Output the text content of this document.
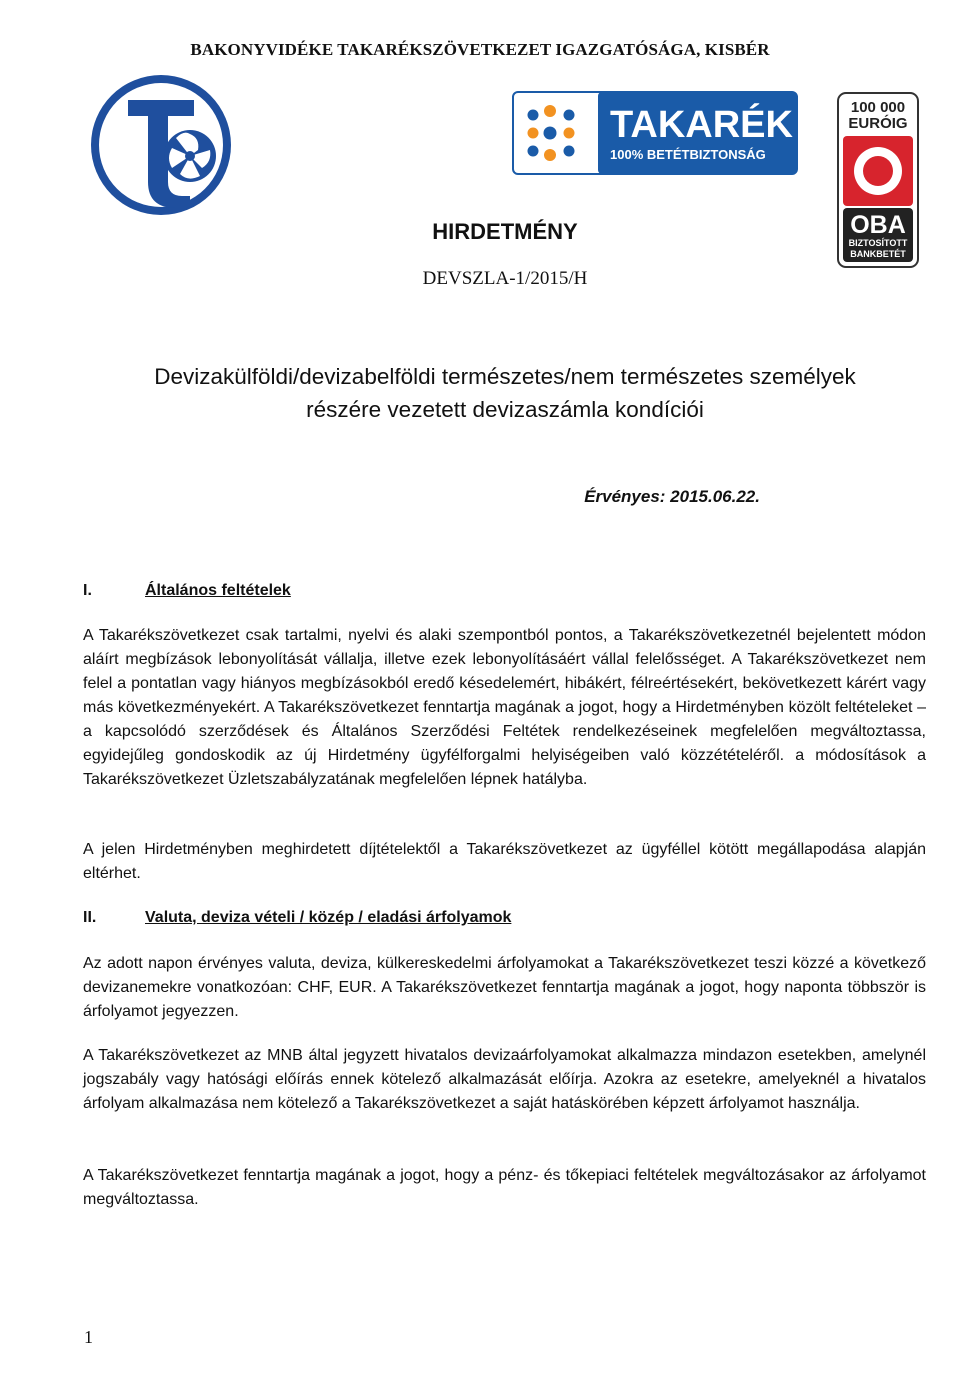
BAKONYVIDÉKE TAKARÉKSZÖVETKEZET IGAZGATÓSÁGA, KISBÉR
TAKARÉK
100% BETÉTBIZTONSÁG
100 000
EURÓIG
OBA
BIZTOSÍTOTT
BANKBETÉT
HIRDETMÉNY
DEVSZLA-1/2015/H
Devizakülföldi/devizabelföldi természetes/nem természetes személyek
részére vezetett devizaszámla kondíciói
Érvényes: 2015.06.22.
I.	Általános feltételek

A Takarékszövetkezet csak tartalmi, nyelvi és alaki szempontból pontos, a Takarékszövetkezetnél bejelentett módon aláírt megbízások lebonyolítását vállalja, illetve ezek lebonyolításáért vállal felelősséget. A Takarékszövetkezet nem felel a pontatlan vagy hiányos megbízásokból eredő késedelemért, hibákért, félreértésekért, bekövetkezett kárért vagy más következményekért. A Takarékszövetkezet fenntartja magának a jogot, hogy a Hirdetményben közölt feltételeket – a kapcsolódó szerződések és Általános Szerződési Feltétek rendelkezéseinek megfelelően megváltoztassa, egyidejűleg gondoskodik az új Hirdetmény ügyfélforgalmi helyiségeiben való közzétételéről. a módosítások a Takarékszövetkezet Üzletszabályzatának megfelelően lépnek hatályba.

A jelen Hirdetményben meghirdetett díjtételektől a Takarékszövetkezet az ügyféllel kötött megállapodása alapján eltérhet.

II.	Valuta, deviza vételi / közép / eladási árfolyamok

Az adott napon érvényes valuta, deviza, külkereskedelmi árfolyamokat a Takarékszövetkezet teszi közzé a következő devizanemekre vonatkozóan: CHF, EUR. A Takarékszövetkezet fenntartja magának a jogot, hogy naponta többször is árfolyamot jegyezzen.

A Takarékszövetkezet az MNB által jegyzett hivatalos devizaárfolyamokat alkalmazza mindazon esetekben, amelynél jogszabály vagy hatósági előírás ennek kötelező alkalmazását előírja. Azokra az esetekre, amelyeknél a hivatalos árfolyam alkalmazása nem kötelező a Takarékszövetkezet a saját hatáskörében képzett árfolyamot használja.

A Takarékszövetkezet fenntartja magának a jogot, hogy a pénz- és tőkepiaci feltételek megváltozásakor az árfolyamot megváltoztassa.

1
